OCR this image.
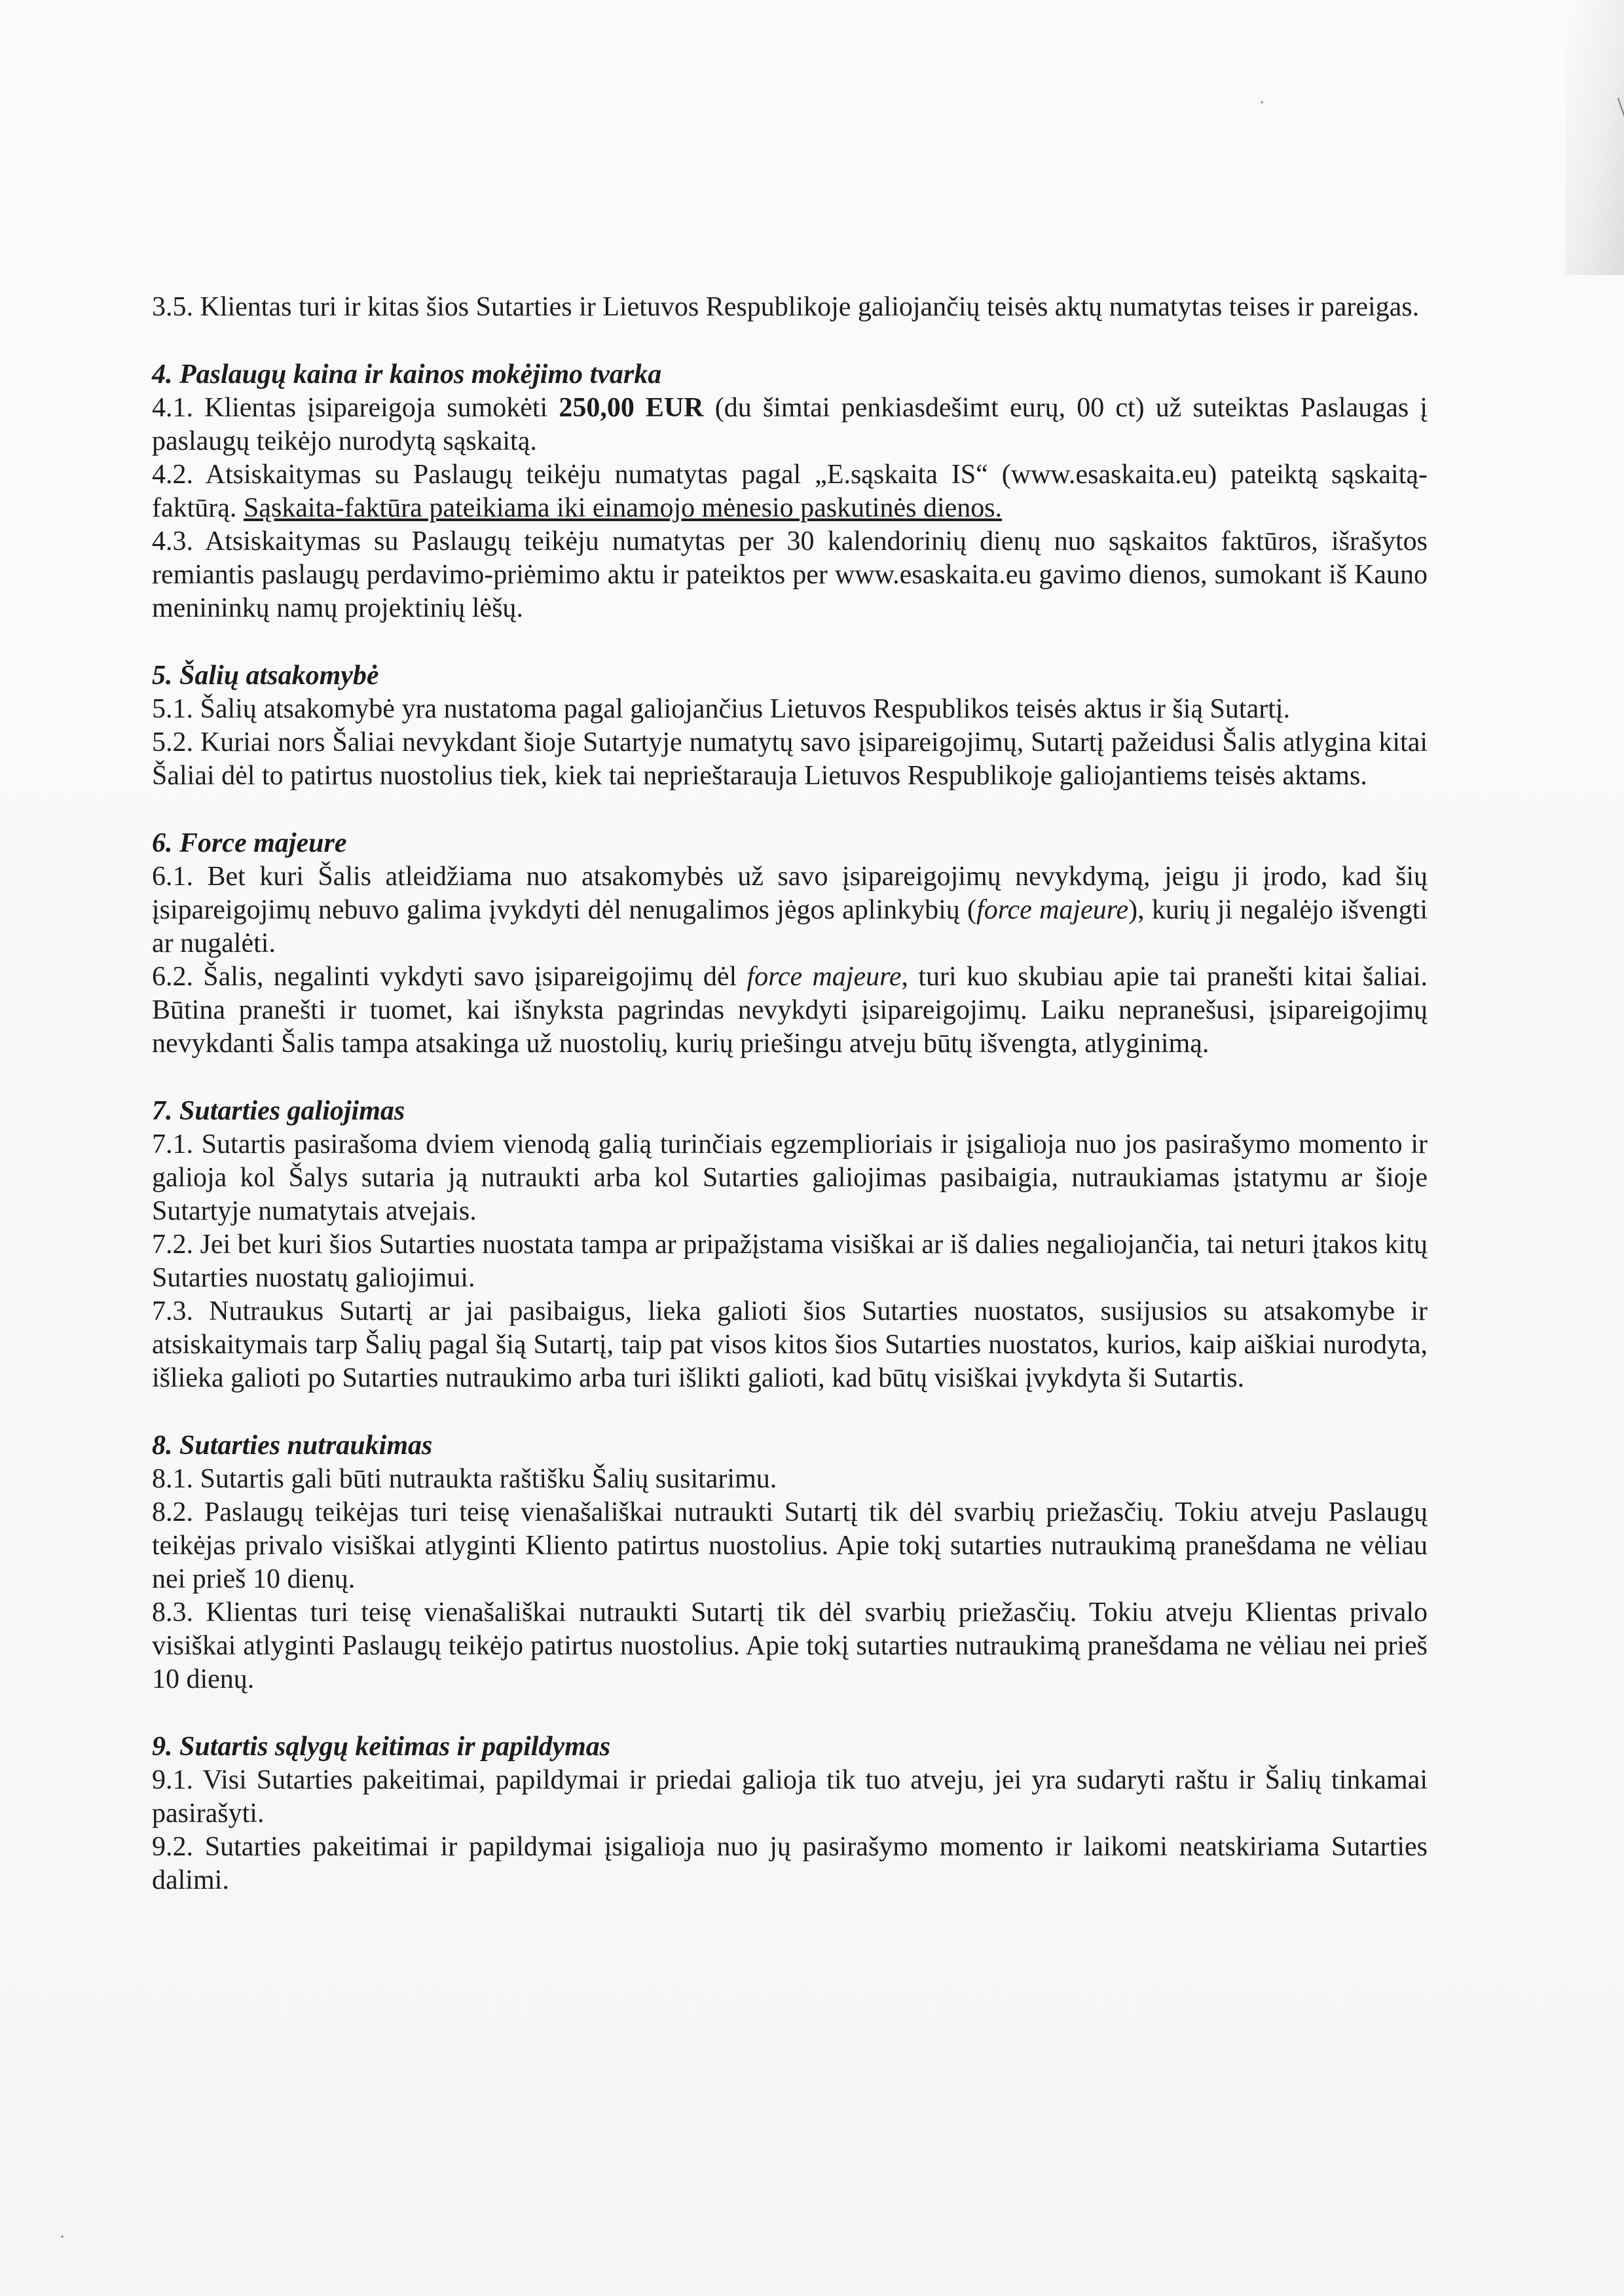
·
·

3.5. Klientas turi ir kitas šios Sutarties ir Lietuvos Respublikoje galiojančių teisės aktų numatytas teises ir pareigas.

4. Paslaugų kaina ir kainos mokėjimo tvarka

4.1. Klientas įsipareigoja sumokėti 250,00 EUR (du šimtai penkiasdešimt eurų, 00 ct) už suteiktas Paslaugas į paslaugų teikėjo nurodytą sąskaitą.

4.2. Atsiskaitymas su Paslaugų teikėju numatytas pagal „E.sąskaita IS“ (www.esaskaita.eu) pateiktą sąskaitą-faktūrą. Sąskaita-faktūra pateikiama iki einamojo mėnesio paskutinės dienos.

4.3. Atsiskaitymas su Paslaugų teikėju numatytas per 30 kalendorinių dienų nuo sąskaitos faktūros, išrašytos remiantis paslaugų perdavimo-priėmimo aktu ir pateiktos per www.esaskaita.eu gavimo dienos, sumokant iš Kauno menininkų namų projektinių lėšų.

5. Šalių atsakomybė

5.1. Šalių atsakomybė yra nustatoma pagal galiojančius Lietuvos Respublikos teisės aktus ir šią Sutartį.

5.2. Kuriai nors Šaliai nevykdant šioje Sutartyje numatytų savo įsipareigojimų, Sutartį pažeidusi Šalis atlygina kitai Šaliai dėl to patirtus nuostolius tiek, kiek tai neprieštarauja Lietuvos Respublikoje galiojantiems teisės aktams.

6. Force majeure

6.1. Bet kuri Šalis atleidžiama nuo atsakomybės už savo įsipareigojimų nevykdymą, jeigu ji įrodo, kad šių įsipareigojimų nebuvo galima įvykdyti dėl nenugalimos jėgos aplinkybių (force majeure), kurių ji negalėjo išvengti ar nugalėti.

6.2. Šalis, negalinti vykdyti savo įsipareigojimų dėl force majeure, turi kuo skubiau apie tai pranešti kitai šaliai. Būtina pranešti ir tuomet, kai išnyksta pagrindas nevykdyti įsipareigojimų. Laiku nepranešusi, įsipareigojimų nevykdanti Šalis tampa atsakinga už nuostolių, kurių priešingu atveju būtų išvengta, atlyginimą.

7. Sutarties galiojimas

7.1. Sutartis pasirašoma dviem vienodą galią turinčiais egzemplioriais ir įsigalioja nuo jos pasirašymo momento ir galioja kol Šalys sutaria ją nutraukti arba kol Sutarties galiojimas pasibaigia, nutraukiamas įstatymu ar šioje Sutartyje numatytais atvejais.

7.2. Jei bet kuri šios Sutarties nuostata tampa ar pripažįstama visiškai ar iš dalies negaliojančia, tai neturi įtakos kitų Sutarties nuostatų galiojimui.

7.3. Nutraukus Sutartį ar jai pasibaigus, lieka galioti šios Sutarties nuostatos, susijusios su atsakomybe ir atsiskaitymais tarp Šalių pagal šią Sutartį, taip pat visos kitos šios Sutarties nuostatos, kurios, kaip aiškiai nurodyta, išlieka galioti po Sutarties nutraukimo arba turi išlikti galioti, kad būtų visiškai įvykdyta ši Sutartis.

8. Sutarties nutraukimas

8.1. Sutartis gali būti nutraukta raštišku Šalių susitarimu.

8.2. Paslaugų teikėjas turi teisę vienašališkai nutraukti Sutartį tik dėl svarbių priežasčių. Tokiu atveju Paslaugų teikėjas privalo visiškai atlyginti Kliento patirtus nuostolius. Apie tokį sutarties nutraukimą pranešdama ne vėliau nei prieš 10 dienų.

8.3. Klientas turi teisę vienašališkai nutraukti Sutartį tik dėl svarbių priežasčių. Tokiu atveju Klientas privalo visiškai atlyginti Paslaugų teikėjo patirtus nuostolius. Apie tokį sutarties nutraukimą pranešdama ne vėliau nei prieš 10 dienų.

9. Sutartis sąlygų keitimas ir papildymas

9.1. Visi Sutarties pakeitimai, papildymai ir priedai galioja tik tuo atveju, jei yra sudaryti raštu ir Šalių tinkamai pasirašyti.

9.2. Sutarties pakeitimai ir papildymai įsigalioja nuo jų pasirašymo momento ir laikomi neatskiriama Sutarties dalimi.
